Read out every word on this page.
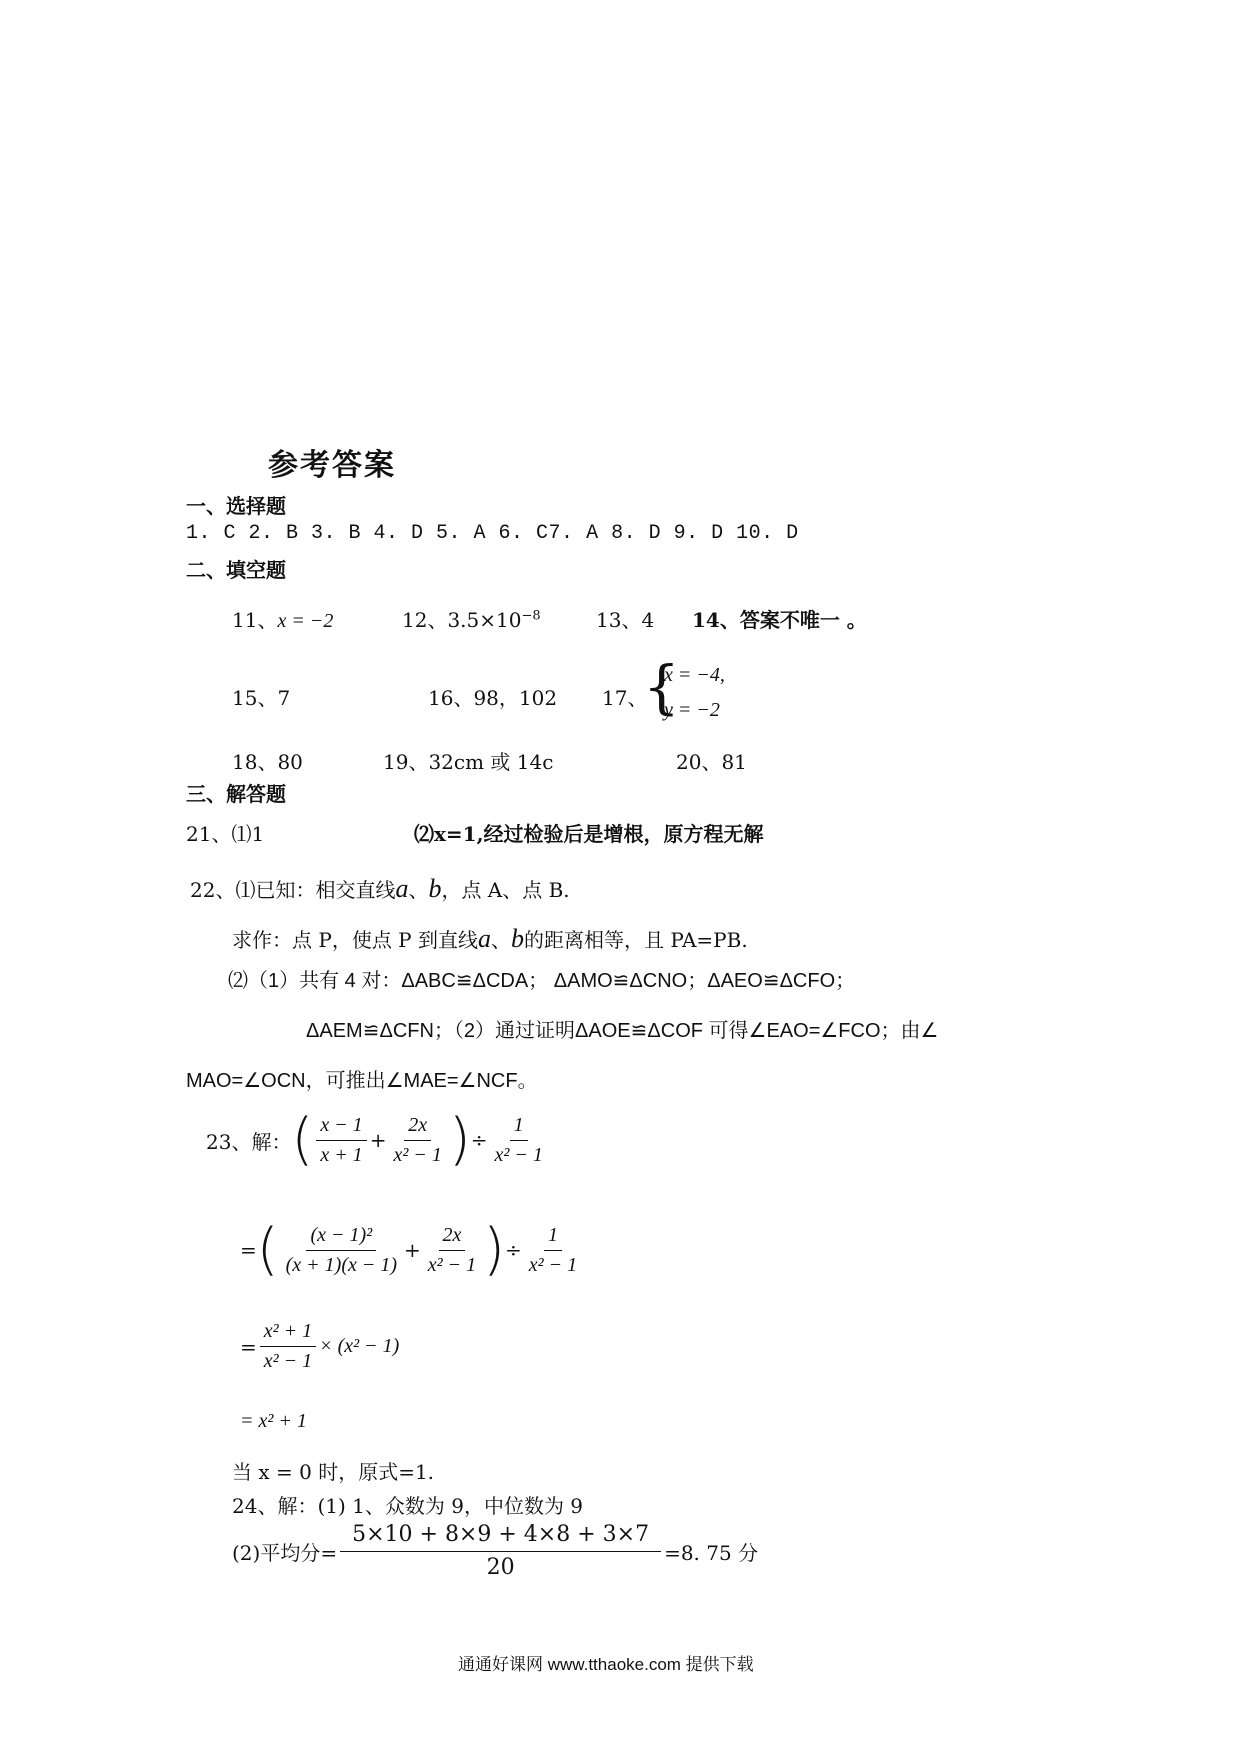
参考答案
一、选择题
1. C 2. B 3. B 4. D 5. A 6. C7. A 8. D 9. D 10. D
二、填空题
11、x = −2	12、$3.5\times 10^{-8}$	13、4 14、答案不唯一 。
15、7	16、98，102 17、
{
x = −4,
y = −2
18、80	19、32cm 或 14c	20、81
三、解答题
21、⑴1	⑵x=1,经过检验后是增根，原方程无解
22、⑴已知：相交直线a、b，点 A、点 B.
求作：点 P，使点 P 到直线a、b的距离相等，且 PA=PB.
⑵（1）共有 4 对：ΔABC≌ΔCDA； ΔAMO≌ΔCNO；ΔAEO≌ΔCFO；
ΔAEM≌ΔCFN；（2）通过证明ΔAOE≌ΔCOF 可得∠EAO=∠FCO；由∠
MAO=∠OCN，可推出∠MAE=∠NCF。
23、解： ( $\frac{x - 1}{x + 1} + \frac{2x}{\text{x² − 1}}$ ) ÷ $\frac{1}{\text{x² − 1}}$
= ( $\frac{\text{(x − 1)²}}{(x + 1)(x - 1)} + \frac{2x}{\text{x² − 1}}$ ) ÷ $\frac{1}{\text{x² − 1}}$
= $\frac{\text{x² + 1}}{\text{x² − 1}} \times (x^2 - 1)$
= x² + 1
当 x = 0 时，原式=1.
24、解：(1) 1、众数为 9，中位数为 9
(2)平均分= $\frac{5\times 10 + 8\times 9 + 4\times 8 + 3\times 7}{20} =8$. 75 分
通通好课网 www.tthaoke.com 提供下载
